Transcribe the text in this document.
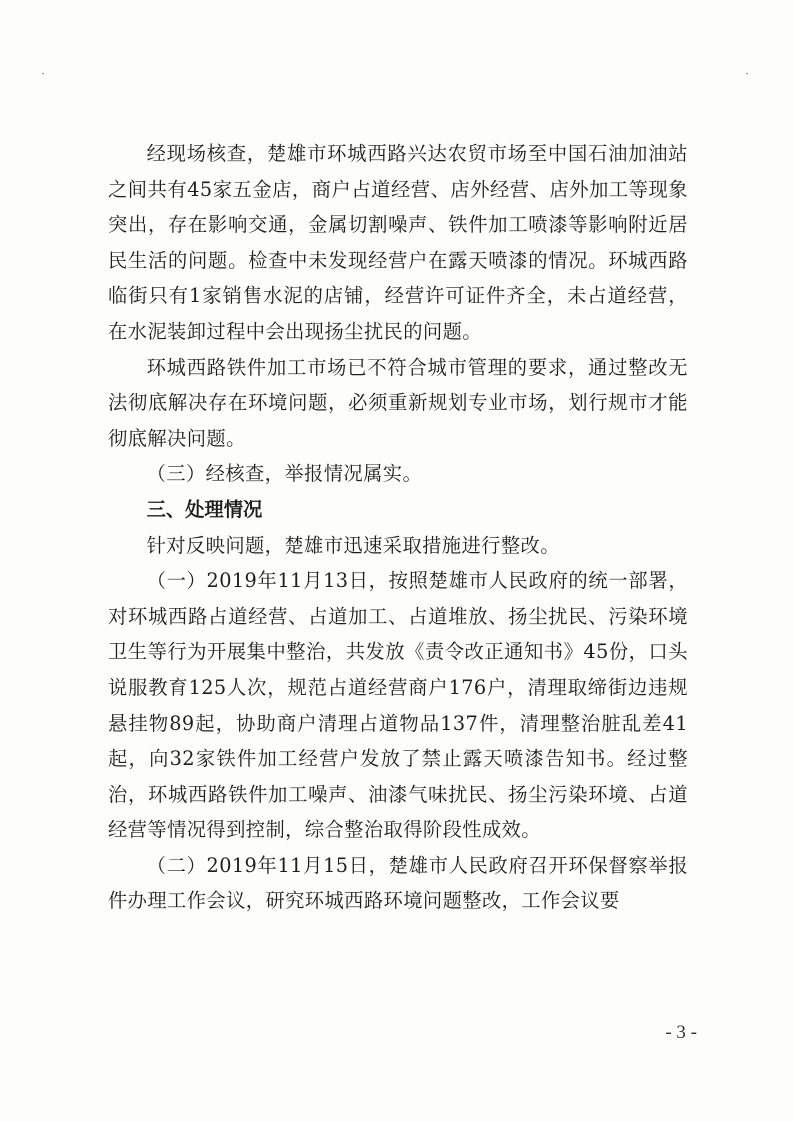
经现场核查，楚雄市环城西路兴达农贸市场至中国石油加油站之间共有45家五金店，商户占道经营、店外经营、店外加工等现象突出，存在影响交通，金属切割噪声、铁件加工喷漆等影响附近居民生活的问题。检查中未发现经营户在露天喷漆的情况。环城西路临街只有1家销售水泥的店铺，经营许可证件齐全，未占道经营，在水泥装卸过程中会出现扬尘扰民的问题。

环城西路铁件加工市场已不符合城市管理的要求，通过整改无法彻底解决存在环境问题，必须重新规划专业市场，划行规市才能彻底解决问题。

（三）经核查，举报情况属实。

三、处理情况

针对反映问题，楚雄市迅速采取措施进行整改。

（一）2019年11月13日，按照楚雄市人民政府的统一部署，对环城西路占道经营、占道加工、占道堆放、扬尘扰民、污染环境卫生等行为开展集中整治，共发放《责令改正通知书》45份，口头说服教育125人次，规范占道经营商户176户，清理取缔街边违规悬挂物89起，协助商户清理占道物品137件，清理整治脏乱差41起，向32家铁件加工经营户发放了禁止露天喷漆告知书。经过整治，环城西路铁件加工噪声、油漆气味扰民、扬尘污染环境、占道经营等情况得到控制，综合整治取得阶段性成效。

（二）2019年11月15日，楚雄市人民政府召开环保督察举报件办理工作会议，研究环城西路环境问题整改，工作会议要

- 3 -
